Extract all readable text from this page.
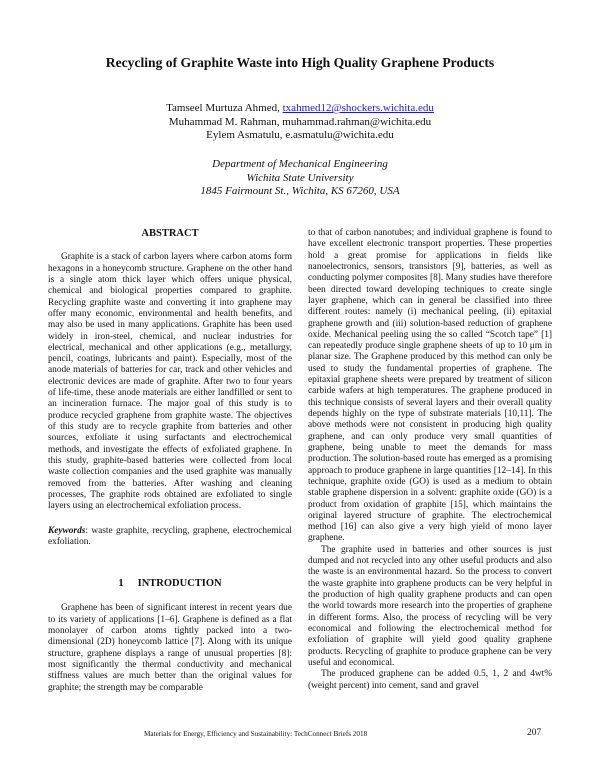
Recycling of Graphite Waste into High Quality Graphene Products
Tamseel Murtuza Ahmed, txahmed12@shockers.wichita.edu
Muhammad M. Rahman, muhammad.rahman@wichita.edu
Eylem Asmatulu, e.asmatulu@wichita.edu
Department of Mechanical Engineering
Wichita State University
1845 Fairmount St., Wichita, KS 67260, USA
ABSTRACT

Graphite is a stack of carbon layers where carbon atoms form hexagons in a honeycomb structure. Graphene on the other hand is a single atom thick layer which offers unique physical, chemical and biological properties compared to graphite. Recycling graphite waste and converting it into graphene may offer many economic, environmental and health benefits, and may also be used in many applications. Graphite has been used widely in iron-steel, chemical, and nuclear industries for electrical, mechanical and other applications (e.g., metallurgy, pencil, coatings, lubricants and paint). Especially, most of the anode materials of batteries for car, track and other vehicles and electronic devices are made of graphite. After two to four years of life-time, these anode materials are either landfilled or sent to an incineration furnace. The major goal of this study is to produce recycled graphene from graphite waste. The objectives of this study are to recycle graphite from batteries and other sources, exfoliate it using surfactants and electrochemical methods, and investigate the effects of exfoliated graphene. In this study, graphite-based batteries were collected from local waste collection companies and the used graphite was manually removed from the batteries. After washing and cleaning processes, The graphite rods obtained are exfoliated to single layers using an electrochemical exfoliation process.

Keywords: waste graphite, recycling, graphene, electrochemical exfoliation.

1 INTRODUCTION

Graphene has been of significant interest in recent years due to its variety of applications [1–6]. Graphene is defined as a flat monolayer of carbon atoms tightly packed into a two-dimensional (2D) honeycomb lattice [7]. Along with its unique structure, graphene displays a range of unusual properties [8]: most significantly the thermal conductivity and mechanical stiffness values are much better than the original values for graphite; the strength may be comparable

to that of carbon nanotubes; and individual graphene is found to have excellent electronic transport properties. These properties hold a great promise for applications in fields like nanoelectronics, sensors, transistors [9], batteries, as well as conducting polymer composites [8]. Many studies have therefore been directed toward developing techniques to create single layer graphene, which can in general be classified into three different routes: namely (i) mechanical peeling, (ii) epitaxial graphene growth and (iii) solution-based reduction of graphene oxide. Mechanical peeling using the so called “Scotch tape” [1] can repeatedly produce single graphene sheets of up to 10 μm in planar size. The Graphene produced by this method can only be used to study the fundamental properties of graphene. The epitaxial graphene sheets were prepared by treatment of silicon carbide wafers at high temperatures. The graphene produced in this technique consists of several layers and their overall quality depends highly on the type of substrate materials [10,11]. The above methods were not consistent in producing high quality graphene, and can only produce very small quantities of graphene, being unable to meet the demands for mass production. The solution-based route has emerged as a promising approach to produce graphene in large quantities [12–14]. In this technique, graphite oxide (GO) is used as a medium to obtain stable graphene dispersion in a solvent: graphite oxide (GO) is a product from oxidation of graphite [15], which maintains the original layered structure of graphite. The electrochemical method [16] can also give a very high yield of mono layer graphene.

The graphite used in batteries and other sources is just dumped and not recycled into any other useful products and also the waste is an environmental hazard. So the process to convert the waste graphite into graphene products can be very helpful in the production of high quality graphene products and can open the world towards more research into the properties of graphene in different forms. Also, the process of recycling will be very economical and following the electrochemical method for exfoliation of graphite will yield good quality graphene products. Recycling of graphite to produce graphene can be very useful and economical.

The produced graphene can be added 0.5, 1, 2 and 4wt% (weight percent) into cement, sand and gravel

Materials for Energy, Efficiency and Sustainability: TechConnect Briefs 2018	207
